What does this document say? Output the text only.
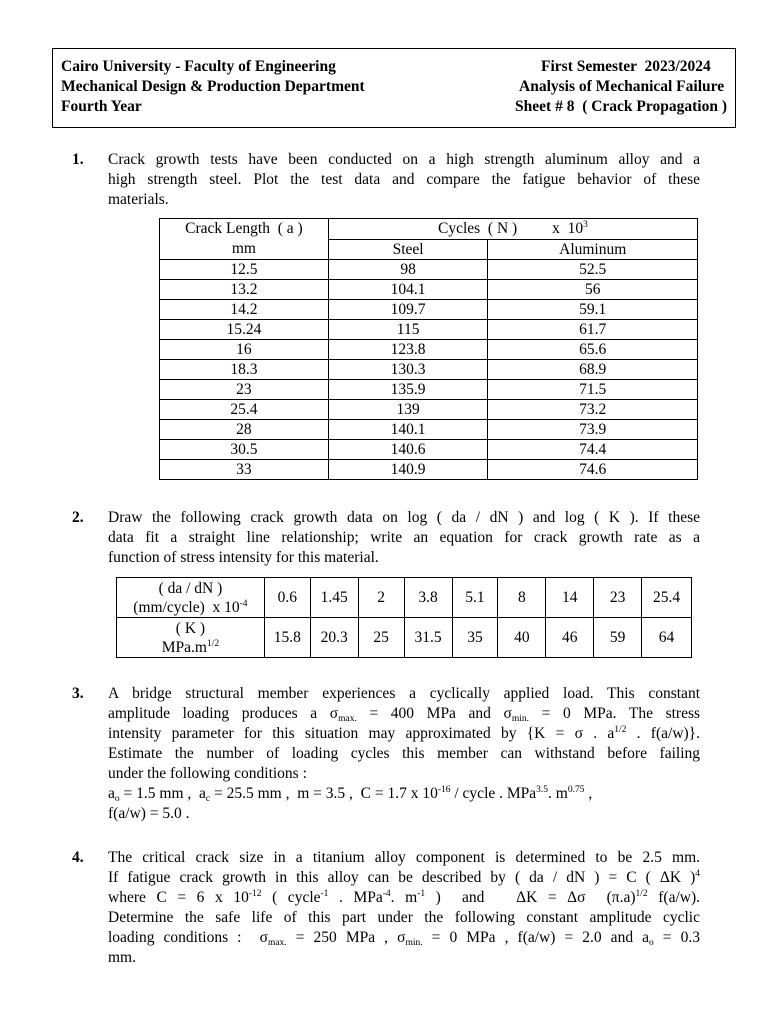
Cairo University - Faculty of Engineering
Mechanical Design & Production Department
Fourth Year
First Semester  2023/2024
Analysis of Mechanical Failure
Sheet # 8  ( Crack Propagation )
1. Crack growth tests have been conducted on a high strength aluminum alloy and a
high strength steel. Plot the test data and compare the fatigue behavior of these
materials.
Crack Length  ( a )
mm	Cycles  ( N ) x  $10^3$
	Steel	Aluminum
12.5	98	52.5
13.2	104.1	56
14.2	109.7	59.1
15.24	115	61.7
16	123.8	65.6
18.3	130.3	68.9
23	135.9	71.5
25.4	139	73.2
28	140.1	73.9
30.5	140.6	74.4
33	140.9	74.6
2. Draw the following crack growth data on log ( da / dN ) and log ( K ). If these
data fit a straight line relationship; write an equation for crack growth rate as a
function of stress intensity for this material.
( da / dN )
(mm/cycle)  x $10^{-4}$	0.6	1.45	2	3.8	5.1	8	14	23	25.4

( K )
$MPa.m^{1/2}$	15.8	20.3	25	31.5	35	40	46	59	64
3. A bridge structural member experiences a cyclically applied load. This constant
amplitude loading produces a $\sigma_{max.} = 400$ MPa and $\sigma_{min.} = 0$ MPa. The stress
intensity parameter for this situation may approximated by {K = σ . $a^{1/2}$ . f(a/w)}.
Estimate the number of loading cycles this member can withstand before failing
under the following conditions :
$a_o = 1.5$ mm ,  $a_c = 25.5$ mm ,  m = 3.5 ,  C = 1.7 x $10^{-16}$ / cycle . MPa$^{3.5}$. $m^{0.75}$ ,
f(a/w) = 5.0 .
4. The critical crack size in a titanium alloy component is determined to be 2.5 mm.
If fatigue crack growth in this alloy can be described by ( da / dN ) = C ( ΔK )$^4$
where C = 6 x $10^{-12}$ ( cycle$^{-1}$ . MPa$^{-4}$. $m^{-1}$ )  and   ΔK = Δσ  $(\pi.a)^{1/2}$ f(a/w).
Determine the safe life of this part under the following constant amplitude cyclic
loading conditions :  $\sigma_{max.} = 250$ MPa , $\sigma_{min.} = 0$ MPa , f(a/w) = 2.0 and $a_o = 0.3$
mm.
